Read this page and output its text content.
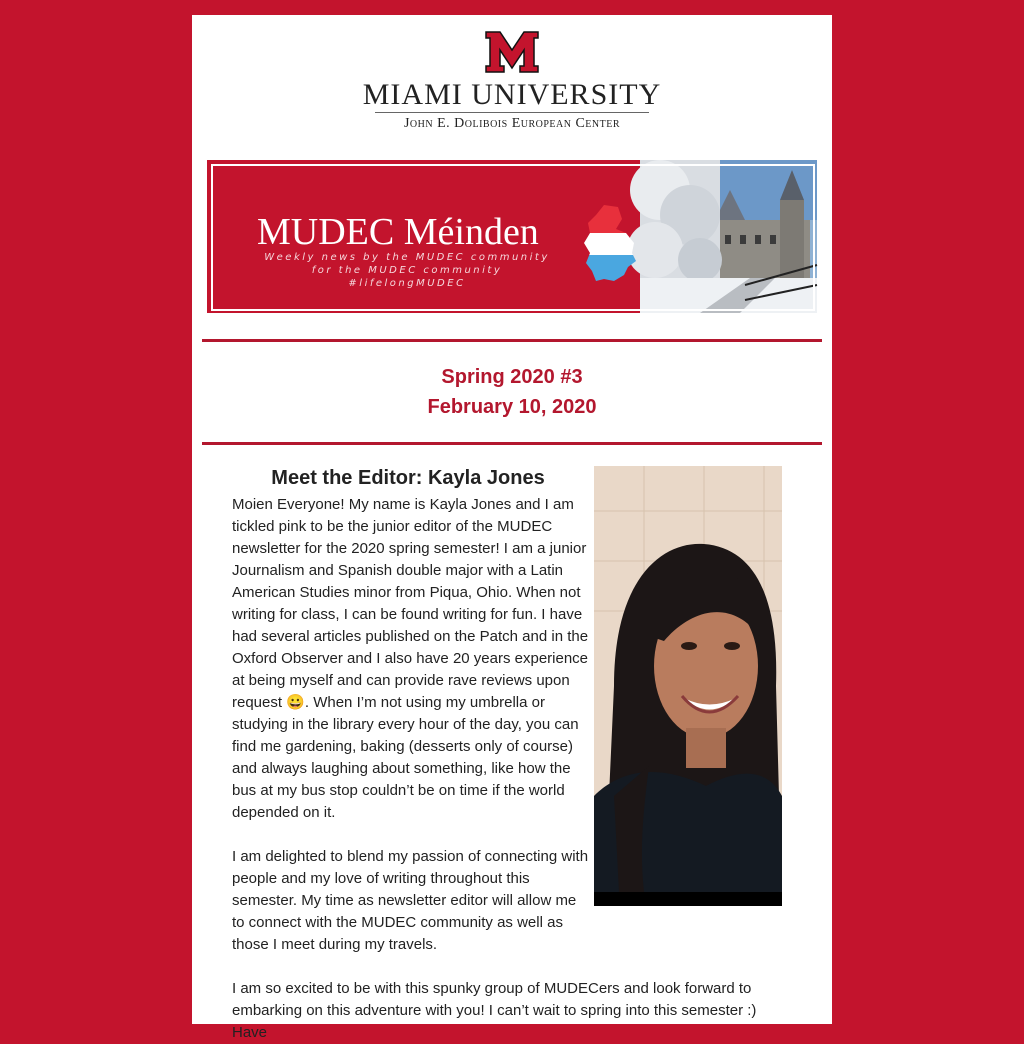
MIAMI UNIVERSITY
John E. Dolibois European Center
MUDEC Méinden
Weekly news by the MUDEC community
for the MUDEC community
#lifelongMUDEC
Spring 2020 #3
February 10, 2020
Meet the Editor: Kayla Jones

Moien Everyone! My name is Kayla Jones and I am tickled pink to be the junior editor of the MUDEC newsletter for the 2020 spring semester! I am a junior Journalism and Spanish double major with a Latin American Studies minor from Piqua, Ohio. When not writing for class, I can be found writing for fun. I have had several articles published on the Patch and in the Oxford Observer and I also have 20 years experience at being myself and can provide rave reviews upon request 😀. When I’m not using my umbrella or studying in the library every hour of the day, you can find me gardening, baking (desserts only of course) and always laughing about something, like how the bus at my bus stop couldn’t be on time if the world depended on it.

I am delighted to blend my passion of connecting with people and my love of writing throughout this semester. My time as newsletter editor will allow me to connect with the MUDEC community as well as those I meet during my travels.

I am so excited to be with this spunky group of MUDECers and look forward to embarking on this adventure with you! I can’t wait to spring into this semester :) Have
